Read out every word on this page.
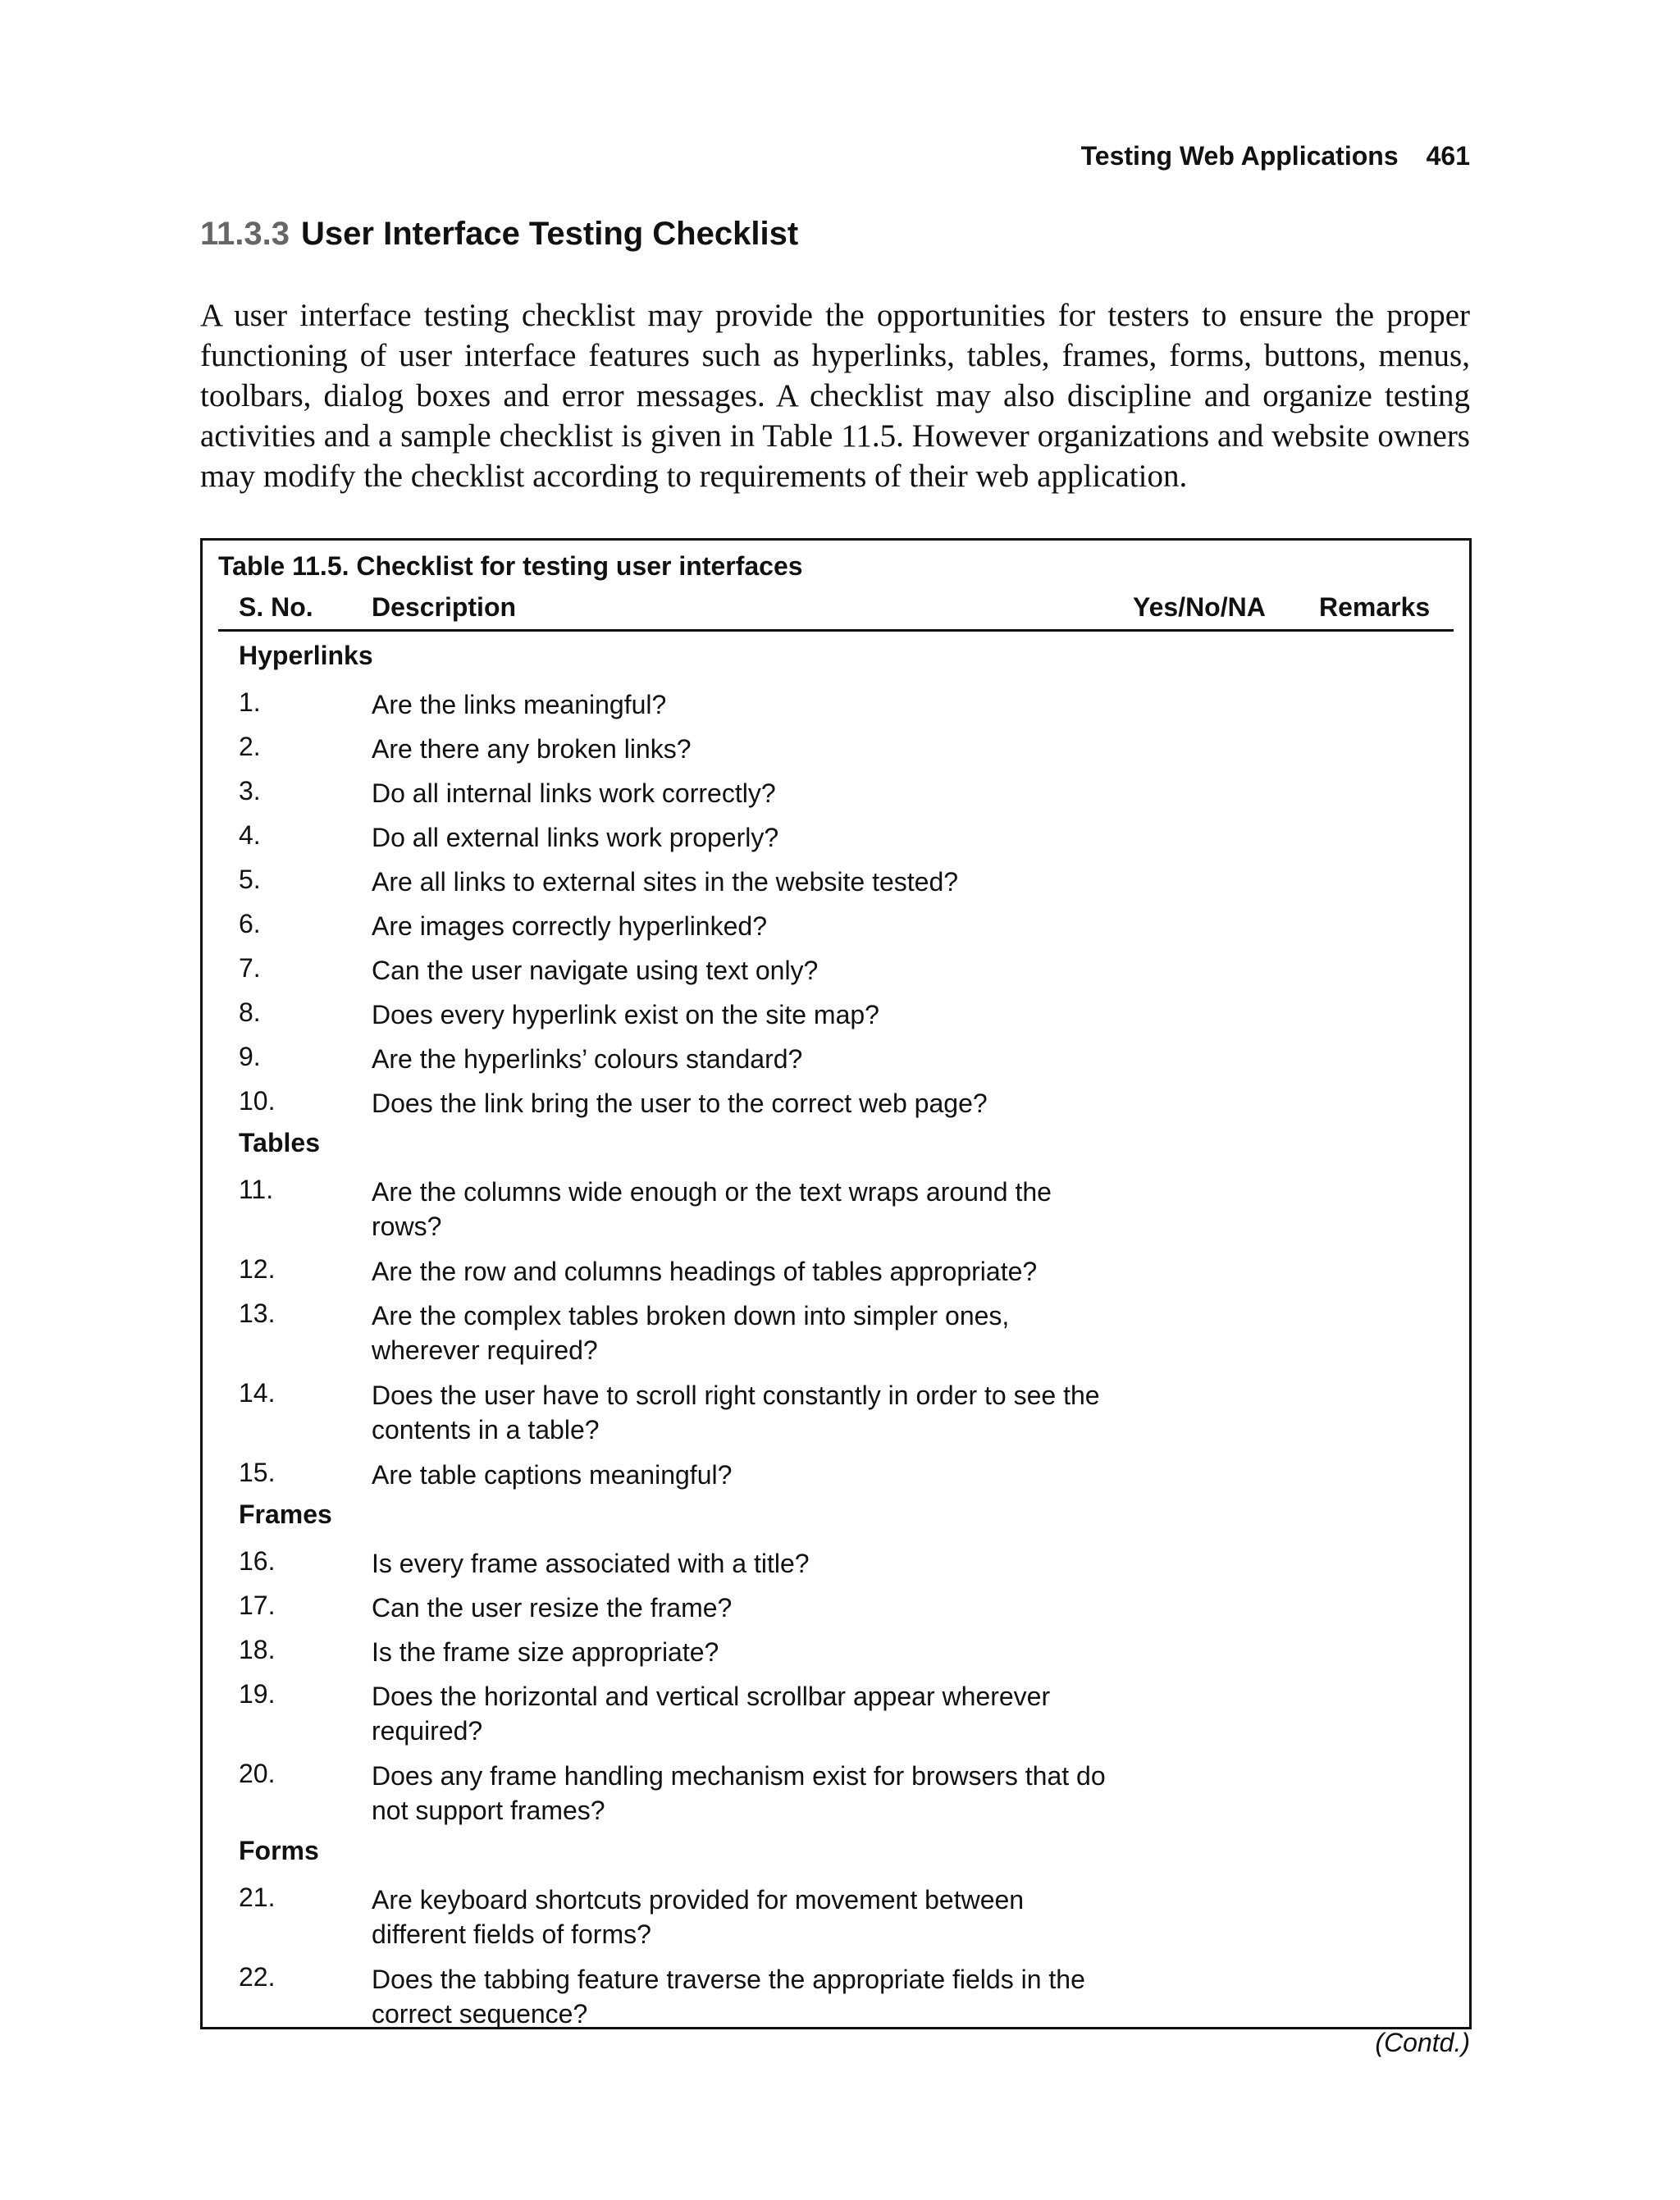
Testing Web Applications 461
11.3.3 User Interface Testing Checklist

A user interface testing checklist may provide the opportunities for testers to ensure the proper functioning of user interface features such as hyperlinks, tables, frames, forms, buttons, menus, toolbars, dialog boxes and error messages. A checklist may also discipline and organize testing activities and a sample checklist is given in Table 11.5. However organizations and website owners may modify the checklist according to requirements of their web application.

Table 11.5. Checklist for testing user interfaces
S. No. Description	Yes/No/NA Remarks
Hyperlinks
1.	Are the links meaningful?
2.	Are there any broken links?
3.	Do all internal links work correctly?
4.	Do all external links work properly?
5.	Are all links to external sites in the website tested?
6.	Are images correctly hyperlinked?
7.	Can the user navigate using text only?
8.	Does every hyperlink exist on the site map?
9.	Are the hyperlinks’ colours standard?
10.	Does the link bring the user to the correct web page?
Tables
11.	Are the columns wide enough or the text wraps around the rows?
12.	Are the row and columns headings of tables appropriate?
13.	Are the complex tables broken down into simpler ones, wherever required?
14.	Does the user have to scroll right constantly in order to see the contents in a table?
15.	Are table captions meaningful?
Frames
16.	Is every frame associated with a title?
17.	Can the user resize the frame?
18.	Is the frame size appropriate?
19.	Does the horizontal and vertical scrollbar appear wherever required?
20.	Does any frame handling mechanism exist for browsers that do not support frames?
Forms
21.	Are keyboard shortcuts provided for movement between different fields of forms?
22.	Does the tabbing feature traverse the appropriate fields in the correct sequence?
(Contd.)
